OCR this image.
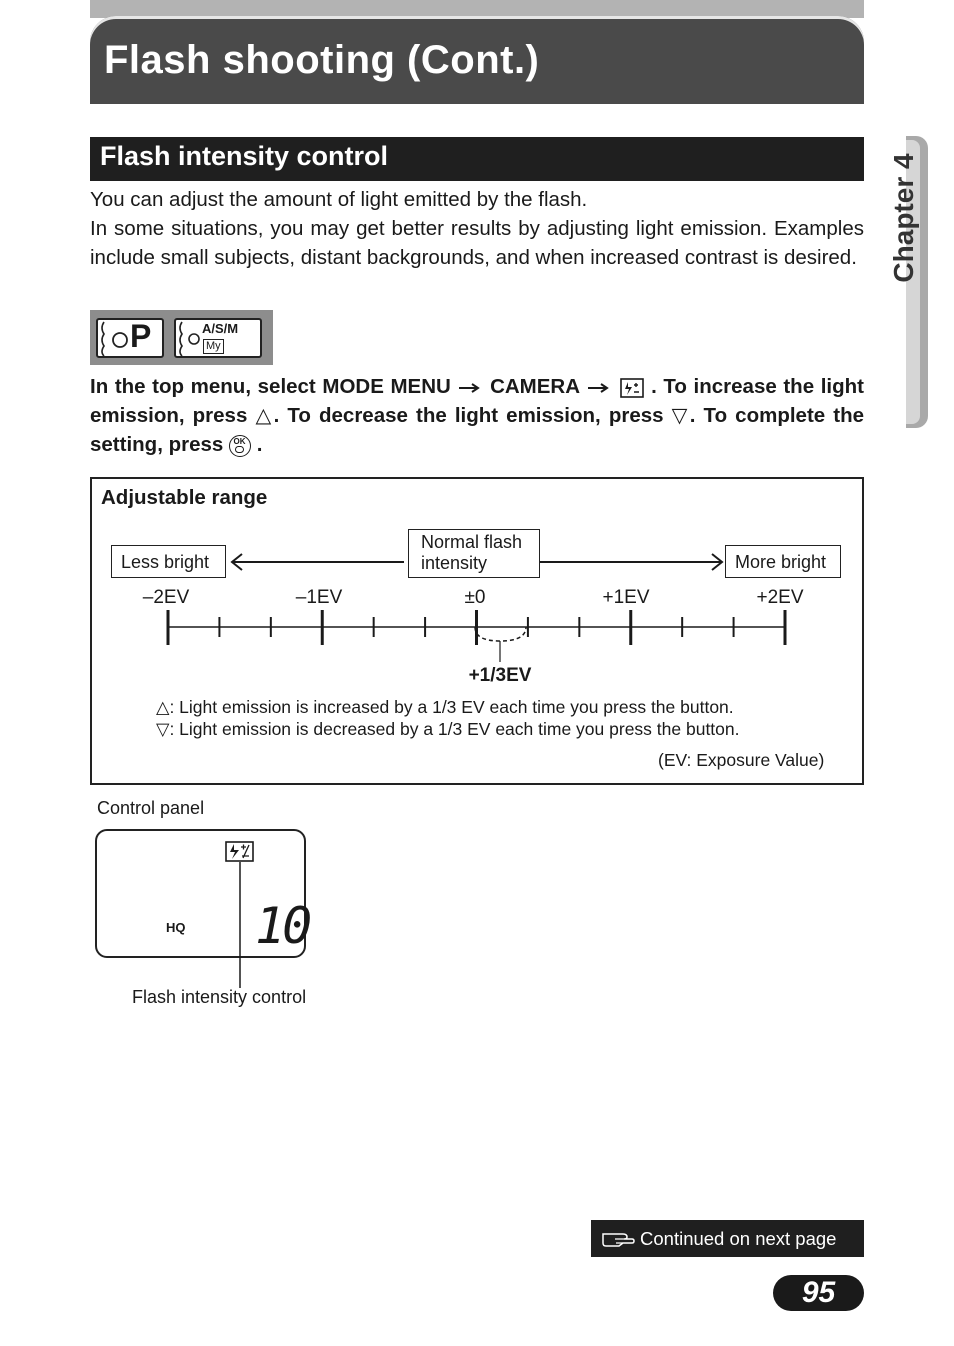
Flash shooting (Cont.)
Chapter 4
Flash intensity control

You can adjust the amount of light emitted by the flash.

In some situations, you may get better results by adjusting light emission. Examples include small subjects, distant backgrounds, and when increased contrast is desired.

P	A/S/M
My
In the top menu, select MODE MENU CAMERA	. To increase the light emission, press △. To decrease the light emission, press ▽. To complete the setting, press	OK .
Adjustable range
Less bright
Normal flash
intensity	More bright
–2EV	–1EV	±0	+1EV	+2EV
+1/3EV
△: Light emission is increased by a 1/3 EV each time you press the button.
▽: Light emission is decreased by a 1/3 EV each time you press the button.
(EV: Exposure Value)
Control panel
HQ 10
Flash intensity control
Continued on next page
95
